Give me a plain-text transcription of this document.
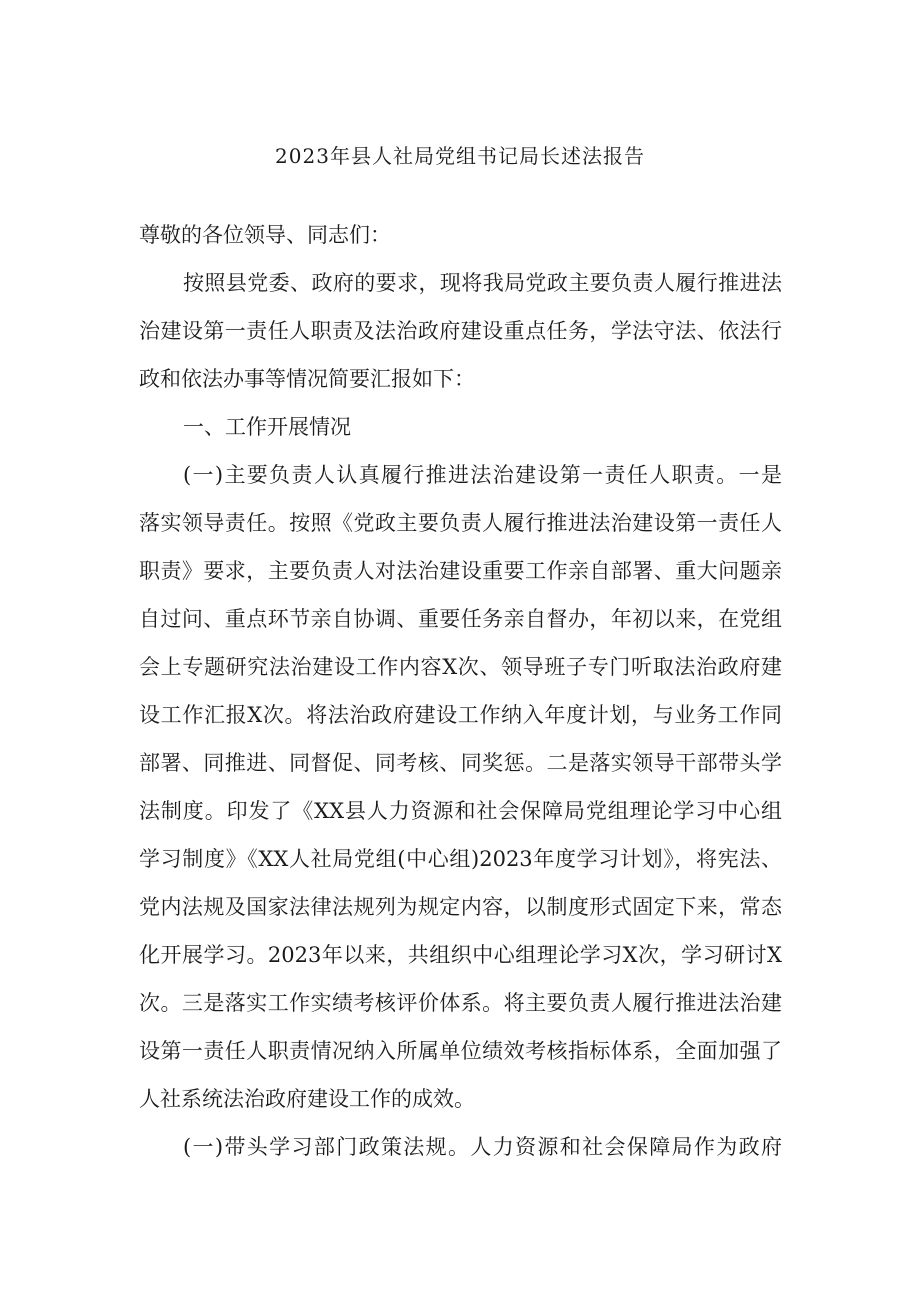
2023年县人社局党组书记局长述法报告
尊敬的各位领导、同志们：
按照县党委、政府的要求，现将我局党政主要负责人履行推进法
治建设第一责任人职责及法治政府建设重点任务，学法守法、依法行
政和依法办事等情况简要汇报如下：
一、工作开展情况
(一)主要负责人认真履行推进法治建设第一责任人职责。一是
落实领导责任。按照《党政主要负责人履行推进法治建设第一责任人
职责》要求，主要负责人对法治建设重要工作亲自部署、重大问题亲
自过问、重点环节亲自协调、重要任务亲自督办，年初以来，在党组
会上专题研究法治建设工作内容X次、领导班子专门听取法治政府建
设工作汇报X次。将法治政府建设工作纳入年度计划，与业务工作同
部署、同推进、同督促、同考核、同奖惩。二是落实领导干部带头学
法制度。印发了《XX县人力资源和社会保障局党组理论学习中心组
学习制度》《XX人社局党组(中心组)2023年度学习计划》，将宪法、
党内法规及国家法律法规列为规定内容，以制度形式固定下来，常态
化开展学习。2023年以来，共组织中心组理论学习X次，学习研讨X
次。三是落实工作实绩考核评价体系。将主要负责人履行推进法治建
设第一责任人职责情况纳入所属单位绩效考核指标体系，全面加强了
人社系统法治政府建设工作的成效。
(一)带头学习部门政策法规。人力资源和社会保障局作为政府
